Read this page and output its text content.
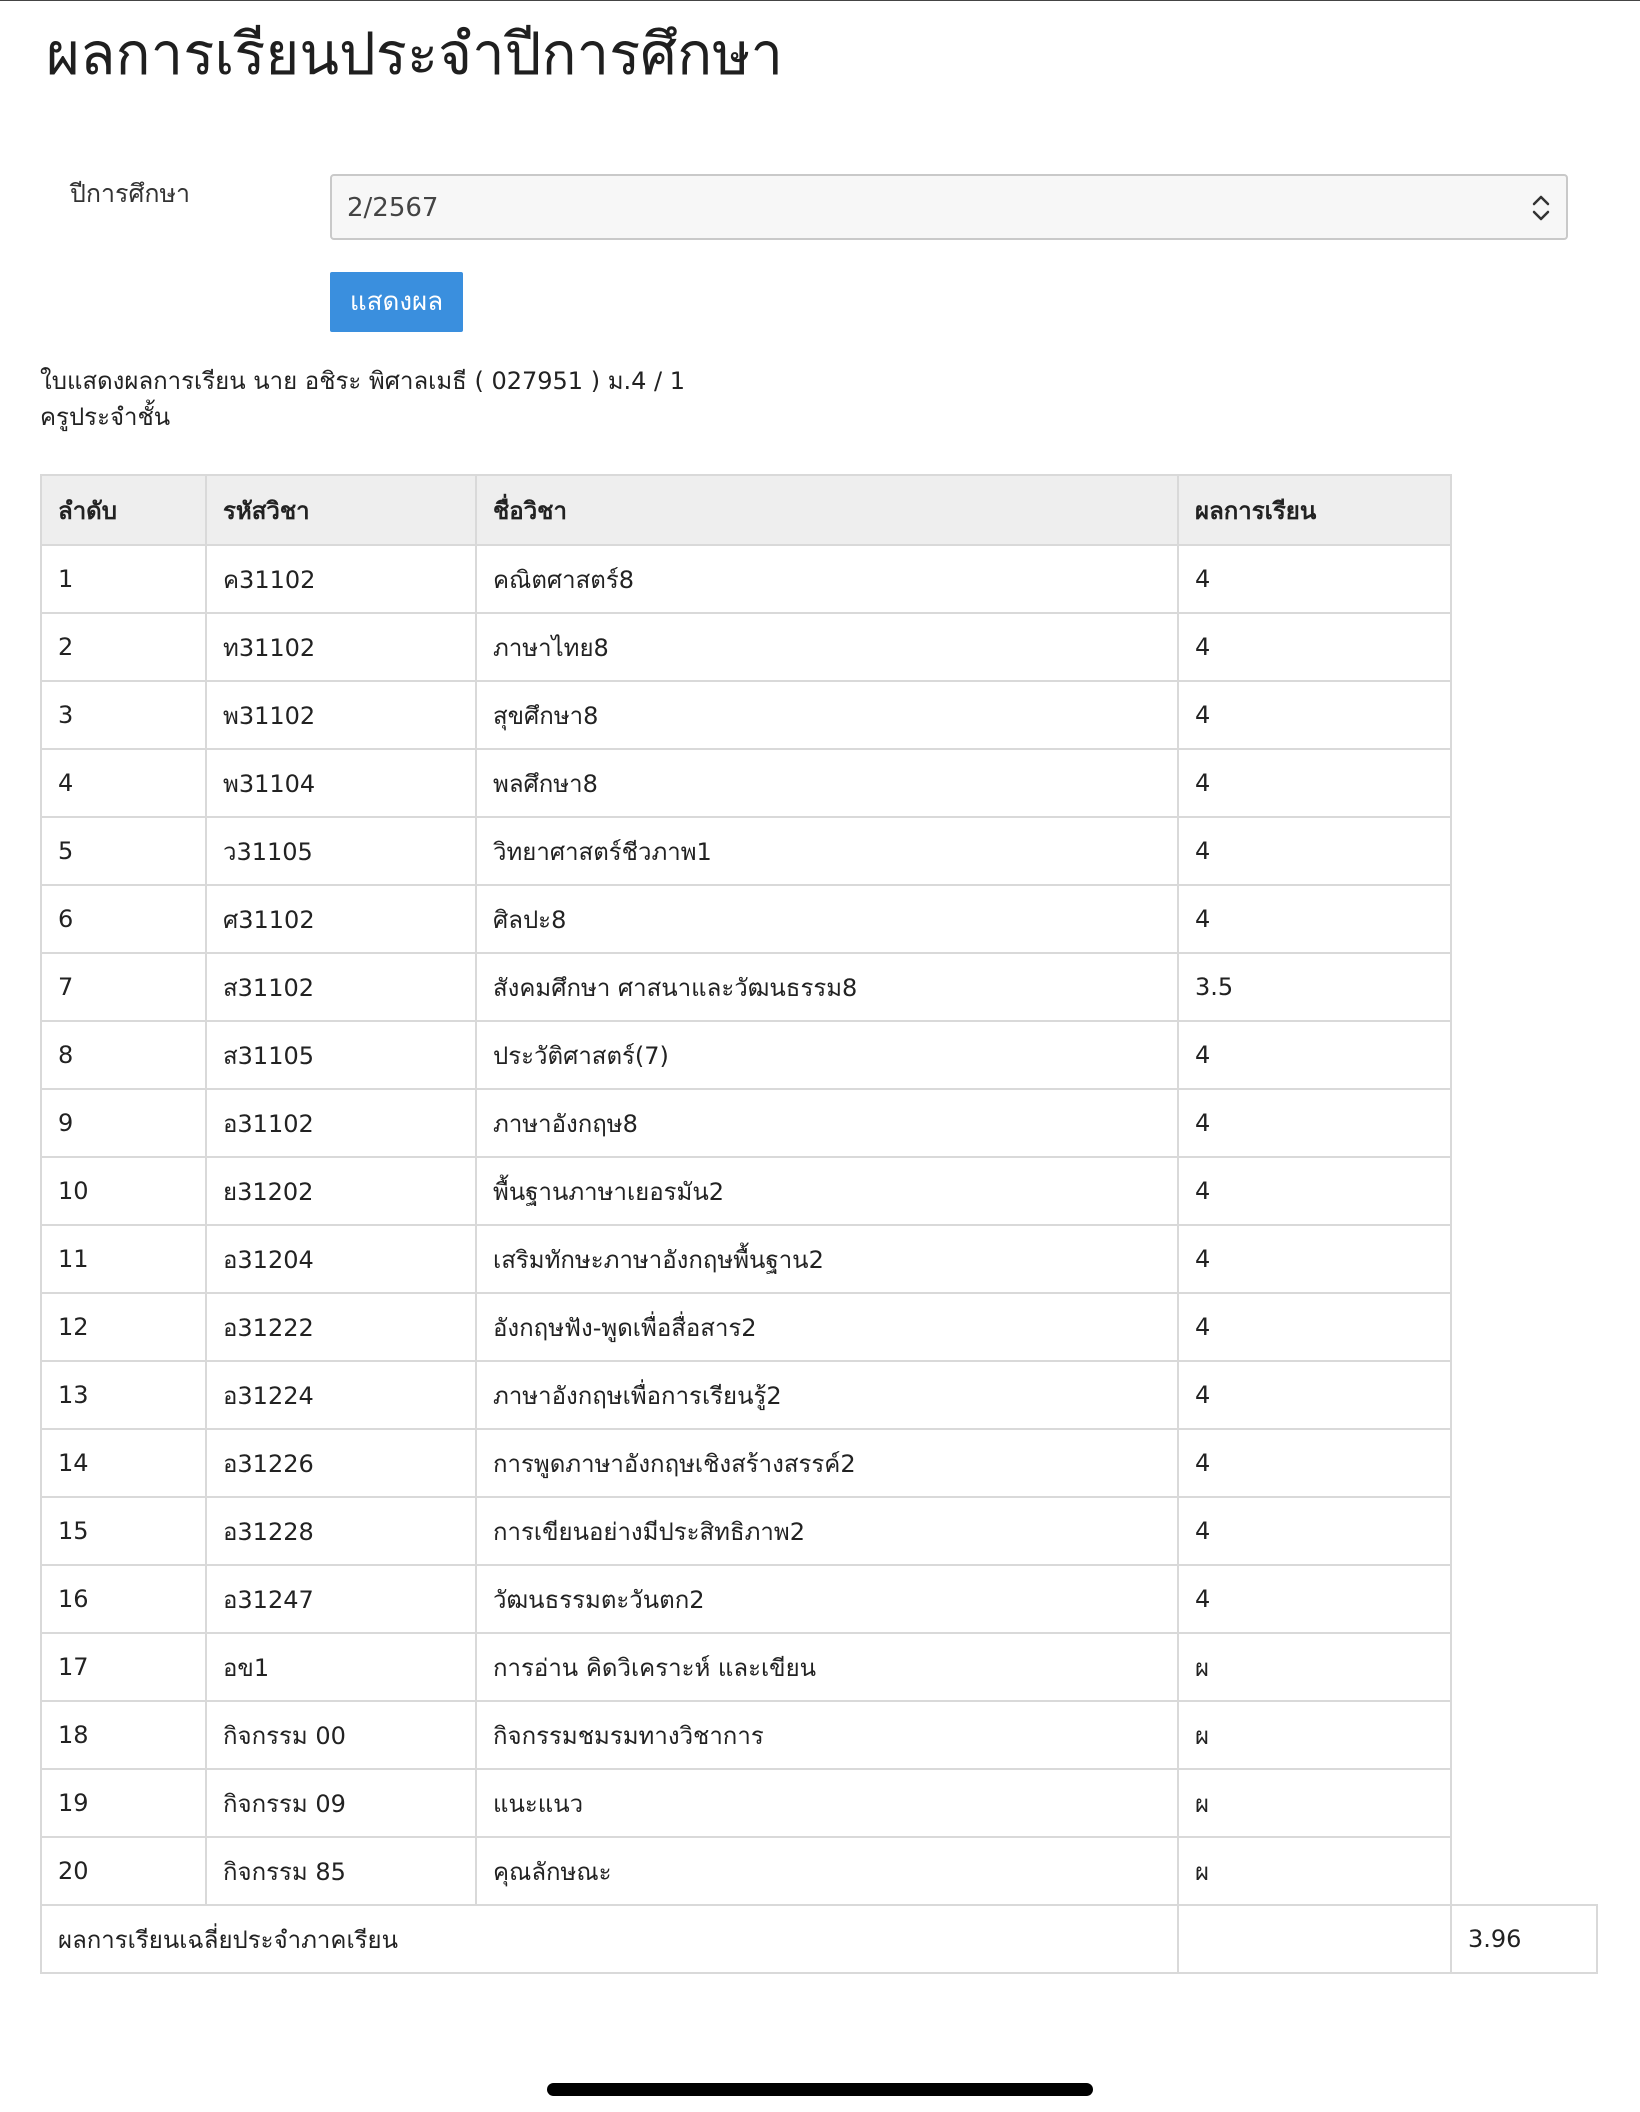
ผลการเรียนประจำปีการศึกษา
ปีการศึกษา	2/2567
แสดงผล
ใบแสดงผลการเรียน นาย อชิระ พิศาลเมธี ( 027951 ) ม.4 / 1
ครูประจำชั้น
ลำดับ	รหัสวิชา	ชื่อวิชา	ผลการเรียน	
1	ค31102	คณิตศาสตร์8	4	
2	ท31102	ภาษาไทย8	4	
3	พ31102	สุขศึกษา8	4	
4	พ31104	พลศึกษา8	4	
5	ว31105	วิทยาศาสตร์ชีวภาพ1	4	
6	ศ31102	ศิลปะ8	4	
7	ส31102	สังคมศึกษา ศาสนาและวัฒนธรรม8	3.5	
8	ส31105	ประวัติศาสตร์(7)	4	
9	อ31102	ภาษาอังกฤษ8	4	
10	ย31202	พื้นฐานภาษาเยอรมัน2	4	
11	อ31204	เสริมทักษะภาษาอังกฤษพื้นฐาน2	4	
12	อ31222	อังกฤษฟัง-พูดเพื่อสื่อสาร2	4	
13	อ31224	ภาษาอังกฤษเพื่อการเรียนรู้2	4	
14	อ31226	การพูดภาษาอังกฤษเชิงสร้างสรรค์2	4	
15	อ31228	การเขียนอย่างมีประสิทธิภาพ2	4	
16	อ31247	วัฒนธรรมตะวันตก2	4	
17	อข1	การอ่าน คิดวิเคราะห์ และเขียน	ผ	
18	กิจกรรม 00	กิจกรรมชมรมทางวิชาการ	ผ	
19	กิจกรรม 09	แนะแนว	ผ	
20	กิจกรรม 85	คุณลักษณะ	ผ	
ผลการเรียนเฉลี่ยประจำภาคเรียน				3.96
